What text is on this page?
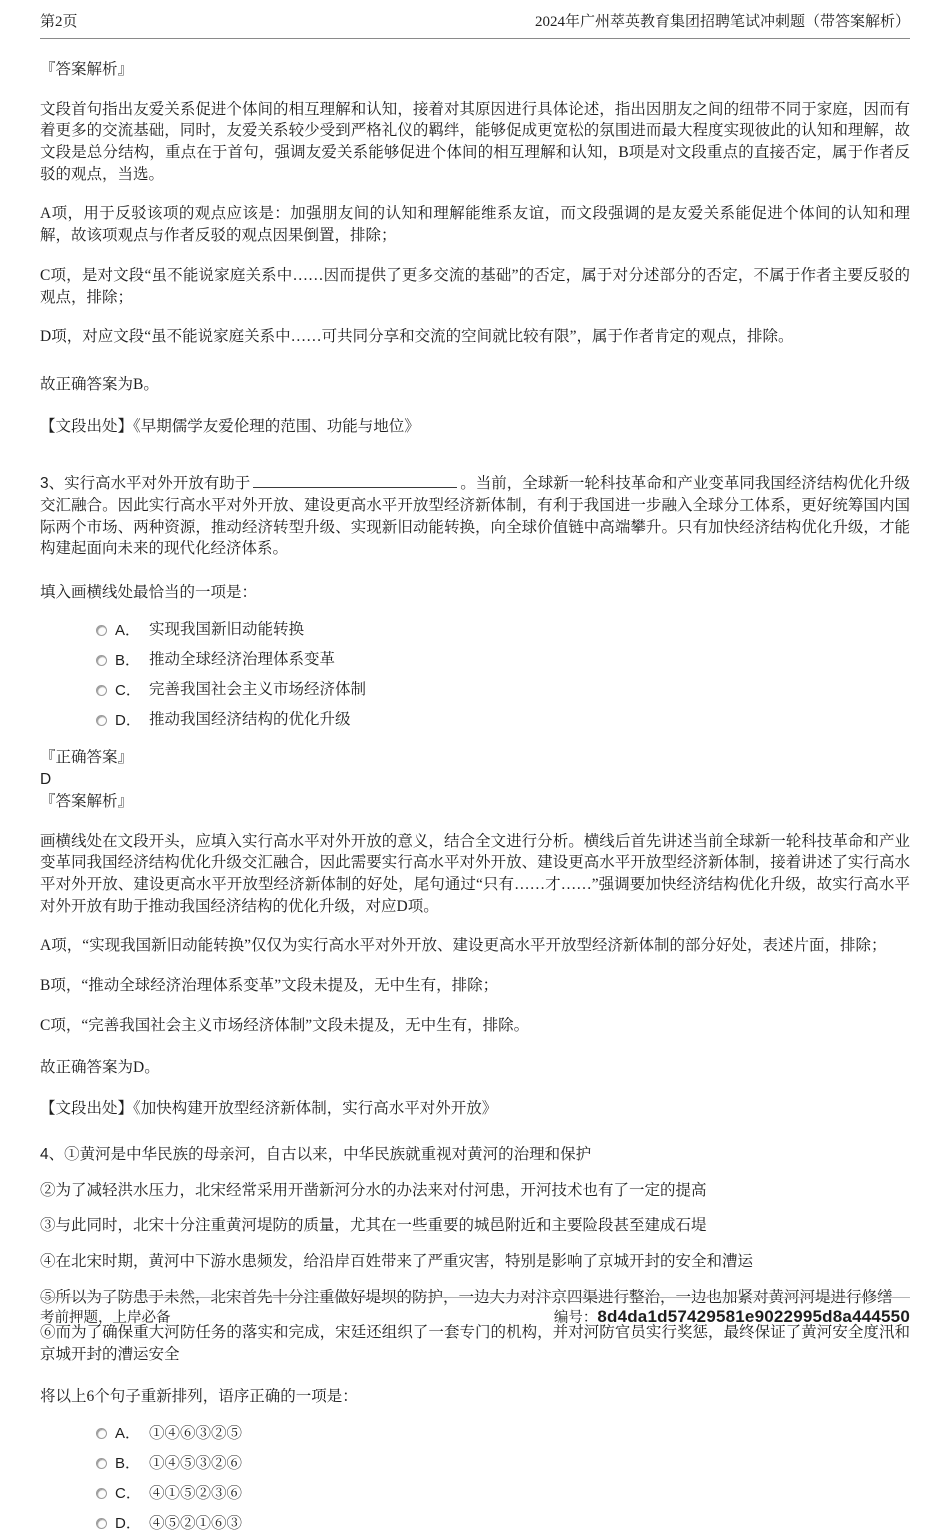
第2页	2024年广州萃英教育集团招聘笔试冲刺题（带答案解析）
『答案解析』

文段首句指出友爱关系促进个体间的相互理解和认知，接着对其原因进行具体论述，指出因朋友之间的纽带不同于家庭，因而有着更多的交流基础，同时，友爱关系较少受到严格礼仪的羁绊，能够促成更宽松的氛围进而最大程度实现彼此的认知和理解，故文段是总分结构，重点在于首句，强调友爱关系能够促进个体间的相互理解和认知，B项是对文段重点的直接否定，属于作者反驳的观点，当选。

A项，用于反驳该项的观点应该是：加强朋友间的认知和理解能维系友谊，而文段强调的是友爱关系能促进个体间的认知和理解，故该项观点与作者反驳的观点因果倒置，排除；

C项，是对文段“虽不能说家庭关系中……因而提供了更多交流的基础”的否定，属于对分述部分的否定，不属于作者主要反驳的观点，排除；

D项，对应文段“虽不能说家庭关系中……可共同分享和交流的空间就比较有限”，属于作者肯定的观点，排除。

故正确答案为B。

【文段出处】《早期儒学友爱伦理的范围、功能与地位》

3、实行高水平对外开放有助于	。当前，全球新一轮科技革命和产业变革同我国经济结构优化升级交汇融合。因此实行高水平对外开放、建设更高水平开放型经济新体制，有利于我国进一步融入全球分工体系，更好统筹国内国际两个市场、两种资源，推动经济转型升级、实现新旧动能转换，向全球价值链中高端攀升。只有加快经济结构优化升级，才能构建起面向未来的现代化经济体系。

填入画横线处最恰当的一项是：

A． 实现我国新旧动能转换
B． 推动全球经济治理体系变革
C． 完善我国社会主义市场经济体制
D． 推动我国经济结构的优化升级
『正确答案』
D
『答案解析』

画横线处在文段开头，应填入实行高水平对外开放的意义，结合全文进行分析。横线后首先讲述当前全球新一轮科技革命和产业变革同我国经济结构优化升级交汇融合，因此需要实行高水平对外开放、建设更高水平开放型经济新体制，接着讲述了实行高水平对外开放、建设更高水平开放型经济新体制的好处，尾句通过“只有……才……”强调要加快经济结构优化升级，故实行高水平对外开放有助于推动我国经济结构的优化升级，对应D项。

A项，“实现我国新旧动能转换”仅仅为实行高水平对外开放、建设更高水平开放型经济新体制的部分好处，表述片面，排除；

B项，“推动全球经济治理体系变革”文段未提及，无中生有，排除；

C项，“完善我国社会主义市场经济体制”文段未提及，无中生有，排除。

故正确答案为D。

【文段出处】《加快构建开放型经济新体制，实行高水平对外开放》

4、①黄河是中华民族的母亲河，自古以来，中华民族就重视对黄河的治理和保护

②为了减轻洪水压力，北宋经常采用开凿新河分水的办法来对付河患，开河技术也有了一定的提高

③与此同时，北宋十分注重黄河堤防的质量，尤其在一些重要的城邑附近和主要险段甚至建成石堤

④在北宋时期，黄河中下游水患频发，给沿岸百姓带来了严重灾害，特别是影响了京城开封的安全和漕运

⑤所以为了防患于未然，北宋首先十分注重做好堤坝的防护，一边大力对汴京四渠进行整治，一边也加紧对黄河河堤进行修缮

⑥而为了确保重大河防任务的落实和完成，宋廷还组织了一套专门的机构，并对河防官员实行奖惩，最终保证了黄河安全度汛和京城开封的漕运安全

将以上6个句子重新排列，语序正确的一项是：

A． ①④⑥③②⑤
B． ①④⑤③②⑥
C． ④①⑤②③⑥
D． ④⑤②①⑥③
考前押题，上岸必备	编号：8d4da1d57429581e9022995d8a444550
